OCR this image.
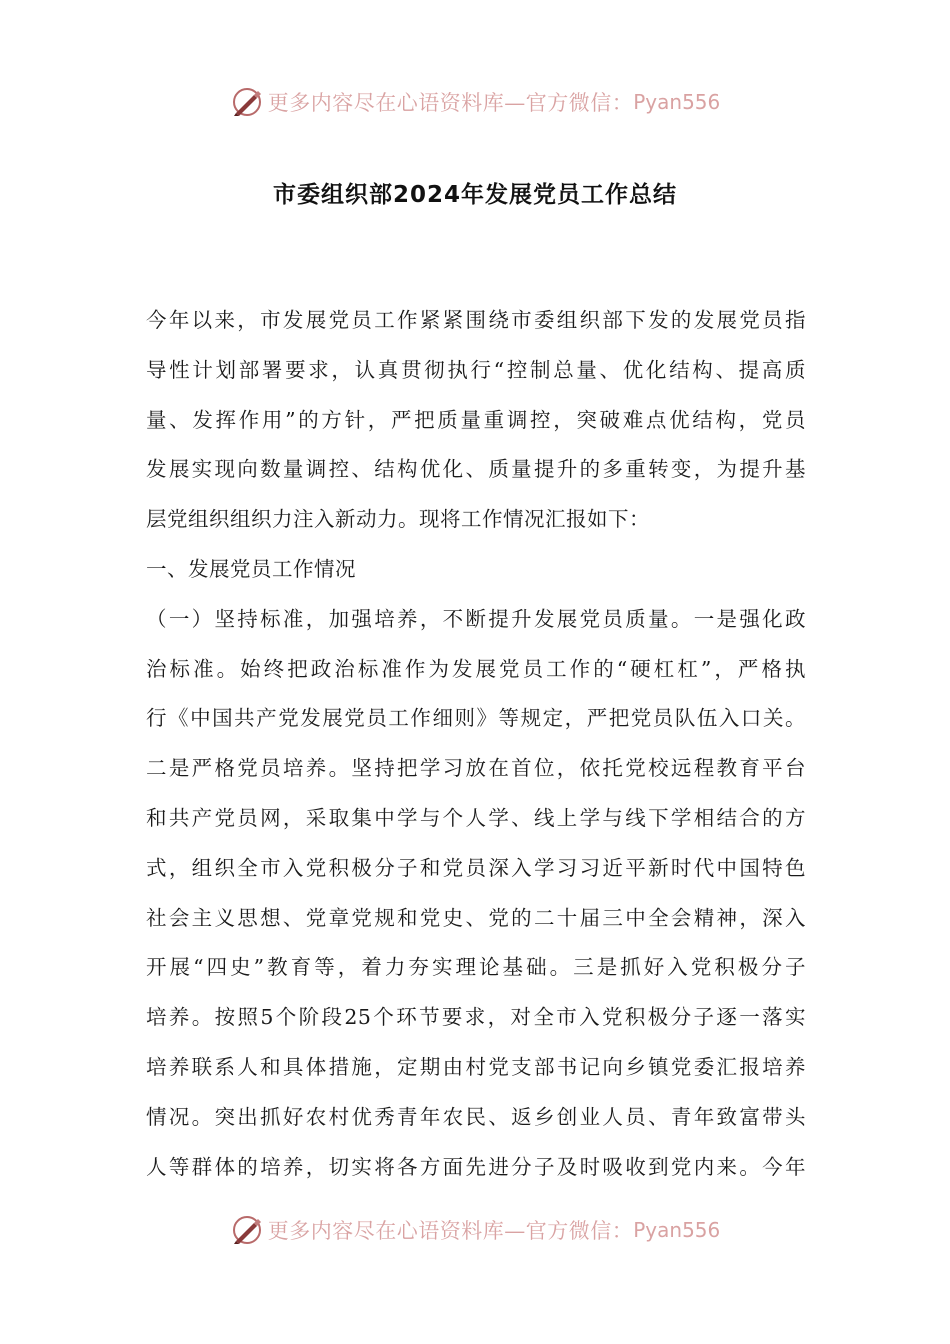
更多内容尽在心语资料库—官方微信： Pyan556
市委组织部2024年发展党员工作总结
今年以来，市发展党员工作紧紧围绕市委组织部下发的发展党员指
导性计划部署要求，认真贯彻执行“控制总量、优化结构、提高质
量、发挥作用”的方针，严把质量重调控，突破难点优结构，党员
发展实现向数量调控、结构优化、质量提升的多重转变，为提升基
层党组织组织力注入新动力。现将工作情况汇报如下：
一、发展党员工作情况
（一）坚持标准，加强培养，不断提升发展党员质量。一是强化政
治标准。始终把政治标准作为发展党员工作的“硬杠杠”，严格执
行《中国共产党发展党员工作细则》等规定，严把党员队伍入口关。
二是严格党员培养。坚持把学习放在首位，依托党校远程教育平台
和共产党员网，采取集中学与个人学、线上学与线下学相结合的方
式，组织全市入党积极分子和党员深入学习习近平新时代中国特色
社会主义思想、党章党规和党史、党的二十届三中全会精神，深入
开展“四史”教育等，着力夯实理论基础。三是抓好入党积极分子
培养。按照5个阶段25个环节要求，对全市入党积极分子逐一落实
培养联系人和具体措施，定期由村党支部书记向乡镇党委汇报培养
情况。突出抓好农村优秀青年农民、返乡创业人员、青年致富带头
人等群体的培养，切实将各方面先进分子及时吸收到党内来。今年
更多内容尽在心语资料库—官方微信： Pyan556
